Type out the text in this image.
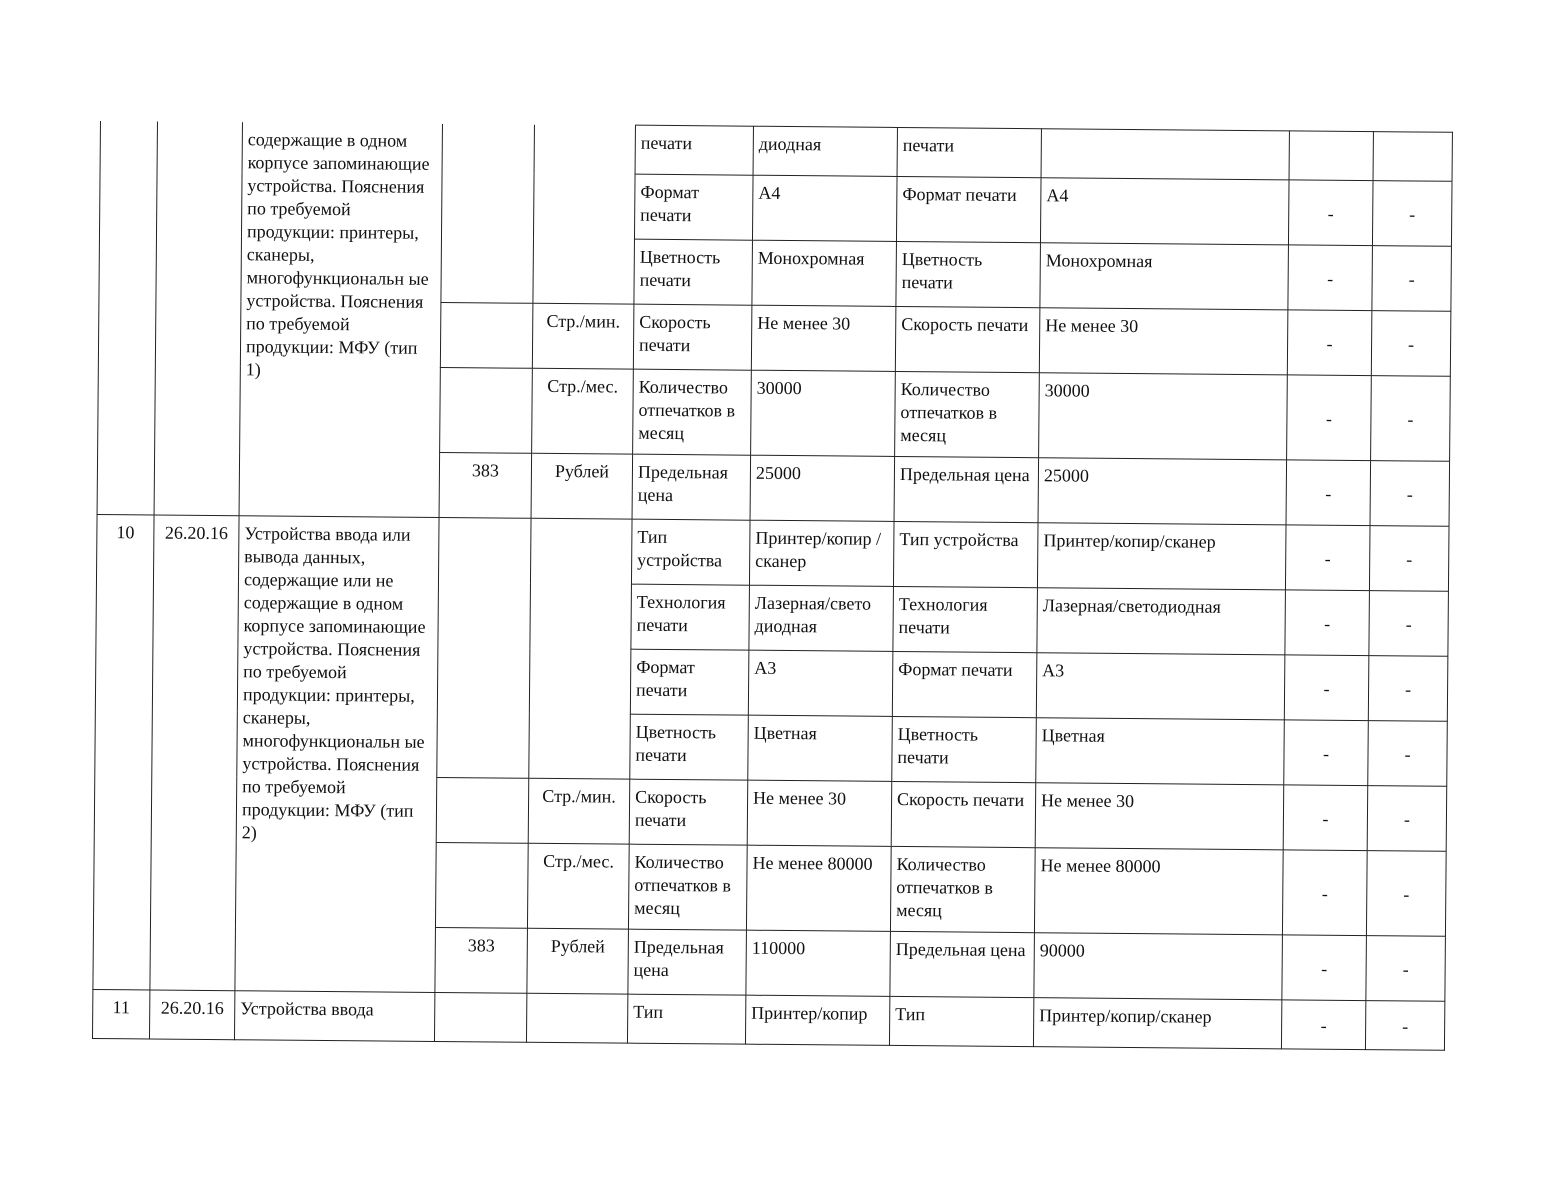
		содержащие в одном корпусе запоминающие устройства. Пояснения по требуемой продукции: принтеры, сканеры, многофункциональн ые устройства. Пояснения по требуемой продукции: МФУ (тип 1)			печати	диодная	печати			
					Формат печати	А4	Формат печати	А4	-	-
					Цветность печати	Монохромная	Цветность печати	Монохромная	-	-
				Стр./мин.	Скорость печати	Не менее 30	Скорость печати	Не менее 30	-	-
				Стр./мес.	Количество отпечатков в месяц	30000	Количество отпечатков в месяц	30000	-	-
			383	Рублей	Предельная цена	25000	Предельная цена	25000	-	-
10	26.20.16	Устройства ввода или вывода данных, содержащие или не содержащие в одном корпусе запоминающие устройства. Пояснения по требуемой продукции: принтеры, сканеры, многофункциональн ые устройства. Пояснения по требуемой продукции: МФУ (тип 2)			Тип устройства	Принтер/копир /сканер	Тип устройства	Принтер/копир/сканер	-	-
					Технология печати	Лазерная/свето диодная	Технология печати	Лазерная/светодиодная	-	-
					Формат печати	А3	Формат печати	А3	-	-
					Цветность печати	Цветная	Цветность печати	Цветная	-	-
				Стр./мин.	Скорость печати	Не менее 30	Скорость печати	Не менее 30	-	-
				Стр./мес.	Количество отпечатков в месяц	Не менее 80000	Количество отпечатков в месяц	Не менее 80000	-	-
			383	Рублей	Предельная цена	110000	Предельная цена	90000	-	-
11	26.20.16	Устройства ввода			Тип	Принтер/копир	Тип	Принтер/копир/сканер	-	-
